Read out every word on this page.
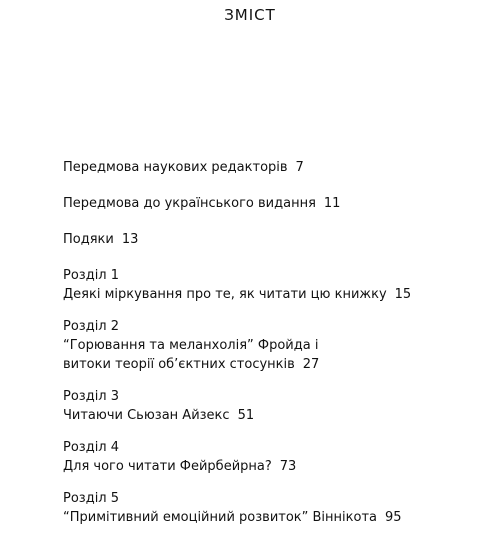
ЗМІСТ
Передмова наукових редакторів 7
Передмова до українського видання 11
Подяки 13
Розділ 1
Деякі міркування про те, як читати цю книжку 15
Розділ 2
“Горювання та меланхолія” Фройда і
витоки теорії об’єктних стосунків 27
Розділ 3
Читаючи Сьюзан Айзекс 51
Розділ 4
Для чого читати Фейрбейрна? 73
Розділ 5
“Примітивний емоційний розвиток” Віннікота 95
